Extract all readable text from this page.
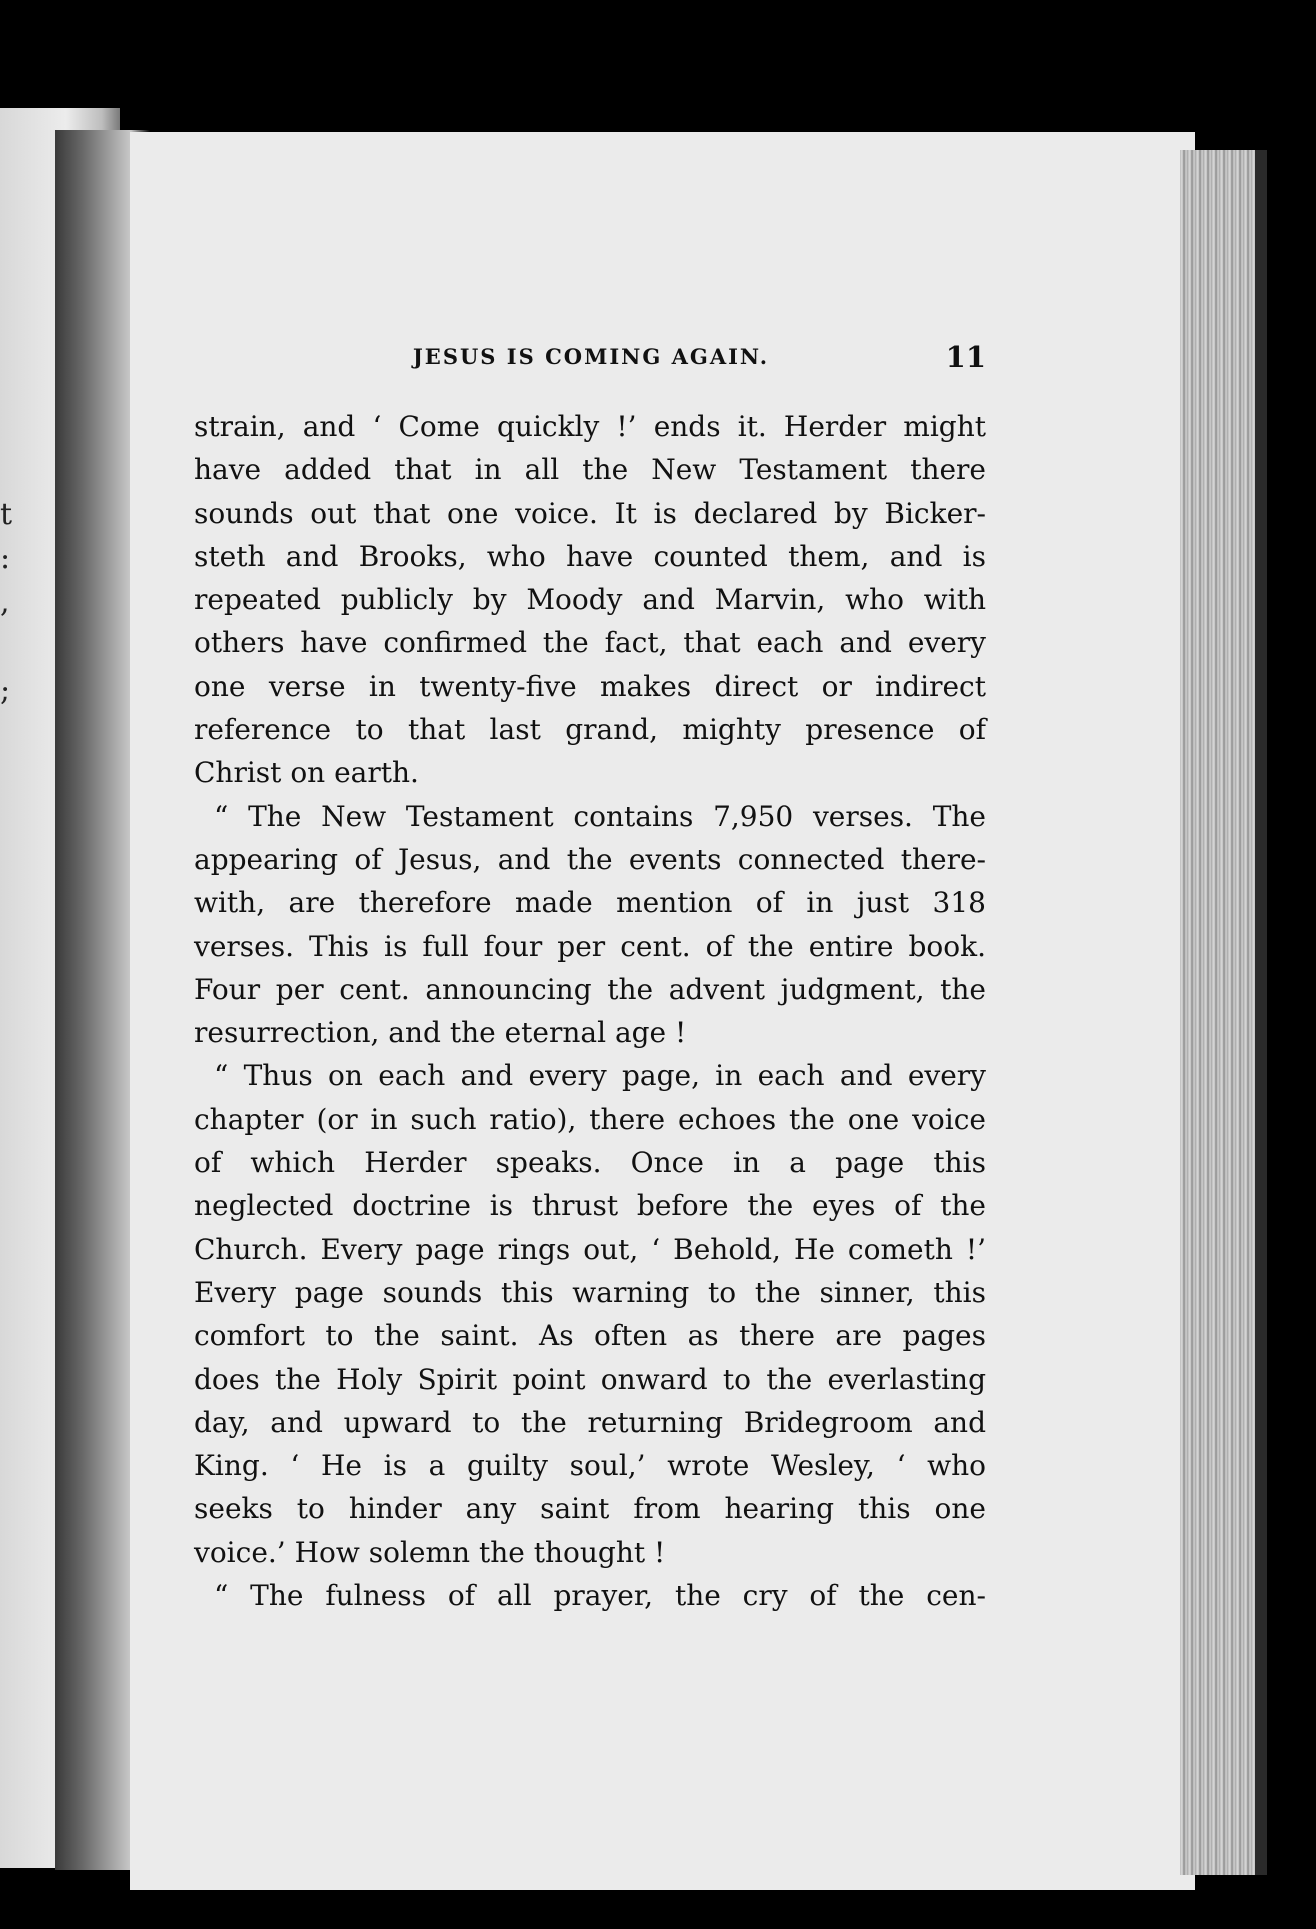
t
:
,
;
JESUS IS COMING AGAIN.	11
strain, and ‘ Come quickly !’ ends it. Herder might
have added that in all the New Testament there
sounds out that one voice. It is declared by Bicker-
steth and Brooks, who have counted them, and is
repeated publicly by Moody and Marvin, who with
others have confirmed the fact, that each and every
one verse in twenty-five makes direct or indirect
reference to that last grand, mighty presence of
Christ on earth.
“ The New Testament contains 7,950 verses. The
appearing of Jesus, and the events connected there-
with, are therefore made mention of in just 318
verses. This is full four per cent. of the entire book.
Four per cent. announcing the advent judgment, the
resurrection, and the eternal age !
“ Thus on each and every page, in each and every
chapter (or in such ratio), there echoes the one voice
of which Herder speaks. Once in a page this
neglected doctrine is thrust before the eyes of the
Church. Every page rings out, ‘ Behold, He cometh !’
Every page sounds this warning to the sinner, this
comfort to the saint. As often as there are pages
does the Holy Spirit point onward to the everlasting
day, and upward to the returning Bridegroom and
King. ‘ He is a guilty soul,’ wrote Wesley, ‘ who
seeks to hinder any saint from hearing this one
voice.’ How solemn the thought !
“ The fulness of all prayer, the cry of the cen-
